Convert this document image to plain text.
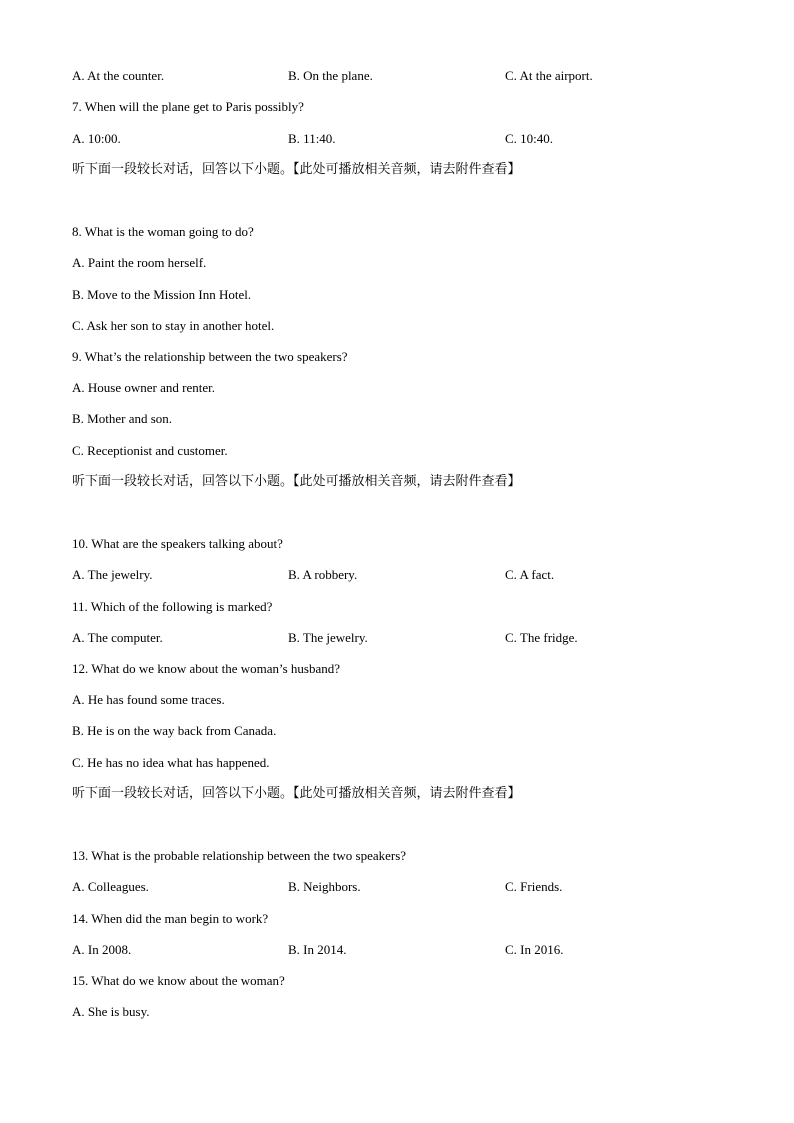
A. At the counter.	B. On the plane.	C. At the airport.
7. When will the plane get to Paris possibly?
A. 10:00.	B. 11:40.	C. 10:40.
听下面一段较长对话，回答以下小题。【此处可播放相关音频，请去附件查看】
8. What is the woman going to do?
A. Paint the room herself.
B. Move to the Mission Inn Hotel.
C. Ask her son to stay in another hotel.
9. What’s the relationship between the two speakers?
A. House owner and renter.
B. Mother and son.
C. Receptionist and customer.
听下面一段较长对话，回答以下小题。【此处可播放相关音频，请去附件查看】
10. What are the speakers talking about?
A. The jewelry.	B. A robbery.	C. A fact.
11. Which of the following is marked?
A. The computer.	B. The jewelry.	C. The fridge.
12. What do we know about the woman’s husband?
A. He has found some traces.
B. He is on the way back from Canada.
C. He has no idea what has happened.
听下面一段较长对话，回答以下小题。【此处可播放相关音频，请去附件查看】
13. What is the probable relationship between the two speakers?
A. Colleagues.	B. Neighbors.	C. Friends.
14. When did the man begin to work?
A. In 2008.	B. In 2014.	C. In 2016.
15. What do we know about the woman?
A. She is busy.
